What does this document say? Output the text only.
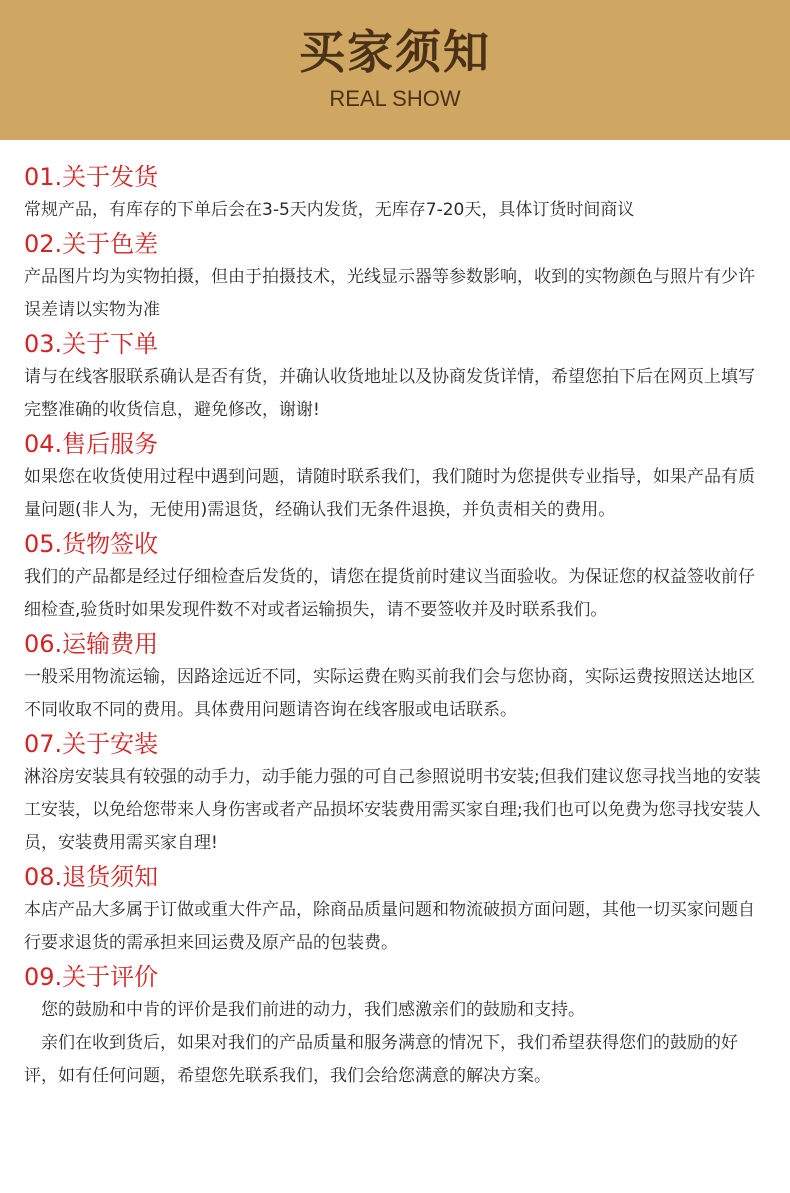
买家须知
REAL SHOW
01.关于发货

常规产品，有库存的下单后会在3-5天内发货，无库存7-20天，具体订货时间商议

02.关于色差

产品图片均为实物拍摄，但由于拍摄技术，光线显示器等参数影响，收到的实物颜色与照片有少许误差请以实物为准

03.关于下单

请与在线客服联系确认是否有货，并确认收货地址以及协商发货详情，希望您拍下后在网页上填写完整准确的收货信息，避免修改，谢谢!

04.售后服务

如果您在收货使用过程中遇到问题，请随时联系我们，我们随时为您提供专业指导，如果产品有质量问题(非人为，无使用)需退货，经确认我们无条件退换，并负责相关的费用。

05.货物签收

我们的产品都是经过仔细检查后发货的，请您在提货前时建议当面验收。为保证您的权益签收前仔细检查,验货时如果发现件数不对或者运输损失，请不要签收并及时联系我们。

06.运输费用

一般采用物流运输，因路途远近不同，实际运费在购买前我们会与您协商，实际运费按照送达地区不同收取不同的费用。具体费用问题请咨询在线客服或电话联系。

07.关于安装

淋浴房安装具有较强的动手力，动手能力强的可自己参照说明书安装;但我们建议您寻找当地的安装工安装，以免给您带来人身伤害或者产品损坏安装费用需买家自理;我们也可以免费为您寻找安装人员，安装费用需买家自理!

08.退货须知

本店产品大多属于订做或重大件产品，除商品质量问题和物流破损方面问题，其他一切买家问题自行要求退货的需承担来回运费及原产品的包装费。

09.关于评价

您的鼓励和中肯的评价是我们前进的动力，我们感激亲们的鼓励和支持。

亲们在收到货后，如果对我们的产品质量和服务满意的情况下，我们希望获得您们的鼓励的好评，如有任何问题，希望您先联系我们，我们会给您满意的解决方案。
